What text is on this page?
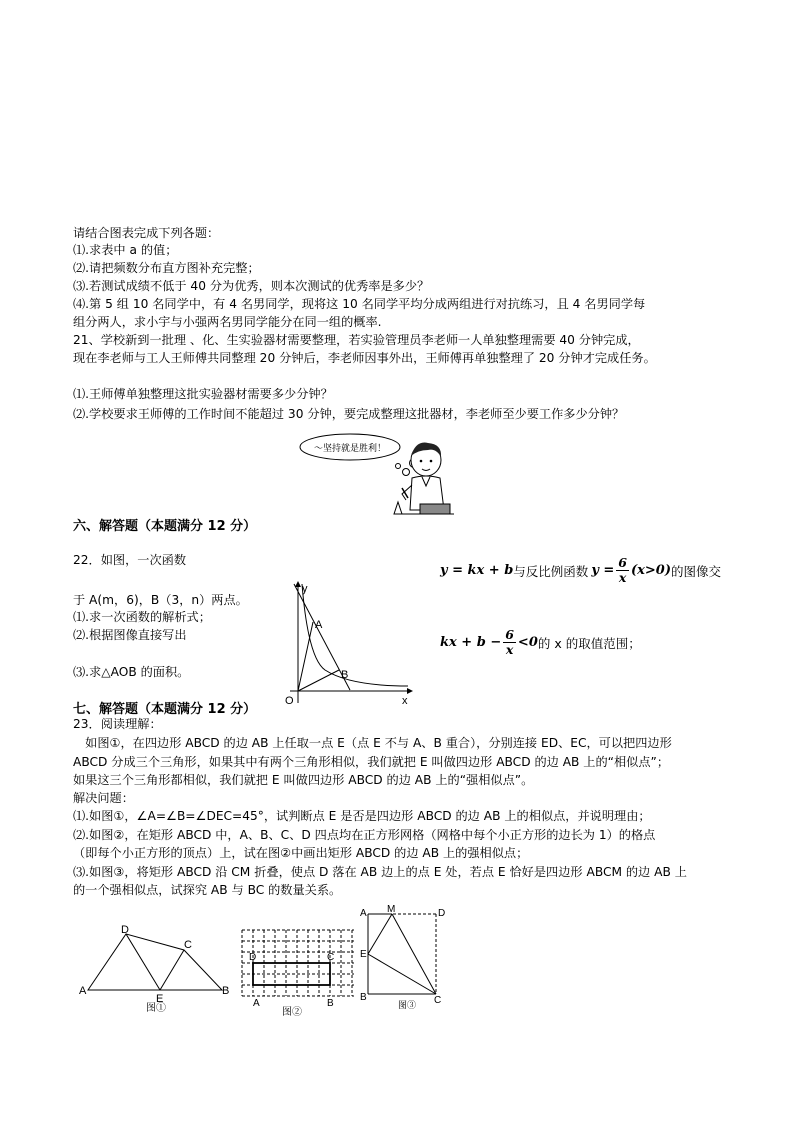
请结合图表完成下列各题：
⑴.求表中 a 的值；
⑵.请把频数分布直方图补充完整；
⑶.若测试成绩不低于 40 分为优秀，则本次测试的优秀率是多少？
⑷.第 5 组 10 名同学中，有 4 名男同学，现将这 10 名同学平均分成两组进行对抗练习，且 4 名男同学每
组分两人，求小宇与小强两名男同学能分在同一组的概率.
21、学校新到一批理 、化、生实验器材需要整理，若实验管理员李老师一人单独整理需要 40 分钟完成，
现在李老师与工人王师傅共同整理 20 分钟后，李老师因事外出，王师傅再单独整理了 20 分钟才完成任务。
⑴.王师傅单独整理这批实验器材需要多少分钟？
⑵.学校要求王师傅的工作时间不能超过 30 分钟，要完成整理这批器材，李老师至少要工作多少分钟？
～坚持就是胜利！
六、解答题（本题满分 12 分）
22．如图，一次函数
y = kx + b 与反比例函数 $y = \frac{6}{x} (x>0)$ 的图像交
于 A(m，6)，B（3，n）两点。
⑴.求一次函数的解析式；
⑵.根据图像直接写出	kx + $b - \frac{6}{x} <0$ 的 x 的取值范围；
⑶.求△AOB 的面积。
y
x
O
A
B
七、解答题（本题满分 12 分）
23．阅读理解：
　如图①，在四边形 ABCD 的边 AB 上任取一点 E（点 E 不与 A、B 重合），分别连接 ED、EC，可以把四边形
ABCD 分成三个三角形，如果其中有两个三角形相似，我们就把 E 叫做四边形 ABCD 的边 AB 上的“相似点”；
如果这三个三角形都相似，我们就把 E 叫做四边形 ABCD 的边 AB 上的“强相似点”。
解决问题：
⑴.如图①，∠A=∠B=∠DEC=45°，试判断点 E 是否是四边形 ABCD 的边 AB 上的相似点，并说明理由；
⑵.如图②，在矩形 ABCD 中，A、B、C、D 四点均在正方形网格（网格中每个小正方形的边长为 1）的格点
（即每个小正方形的顶点）上，试在图②中画出矩形 ABCD 的边 AB 上的强相似点；
⑶.如图③，将矩形 ABCD 沿 CM 折叠，使点 D 落在 AB 边上的点 E 处，若点 E 恰好是四边形 ABCM 的边 AB 上
的一个强相似点，试探究 AB 与 BC 的数量关系。
D
C
A	B
E
图①
D	C
A	B
图②
A M	D
E
B	C
图③
